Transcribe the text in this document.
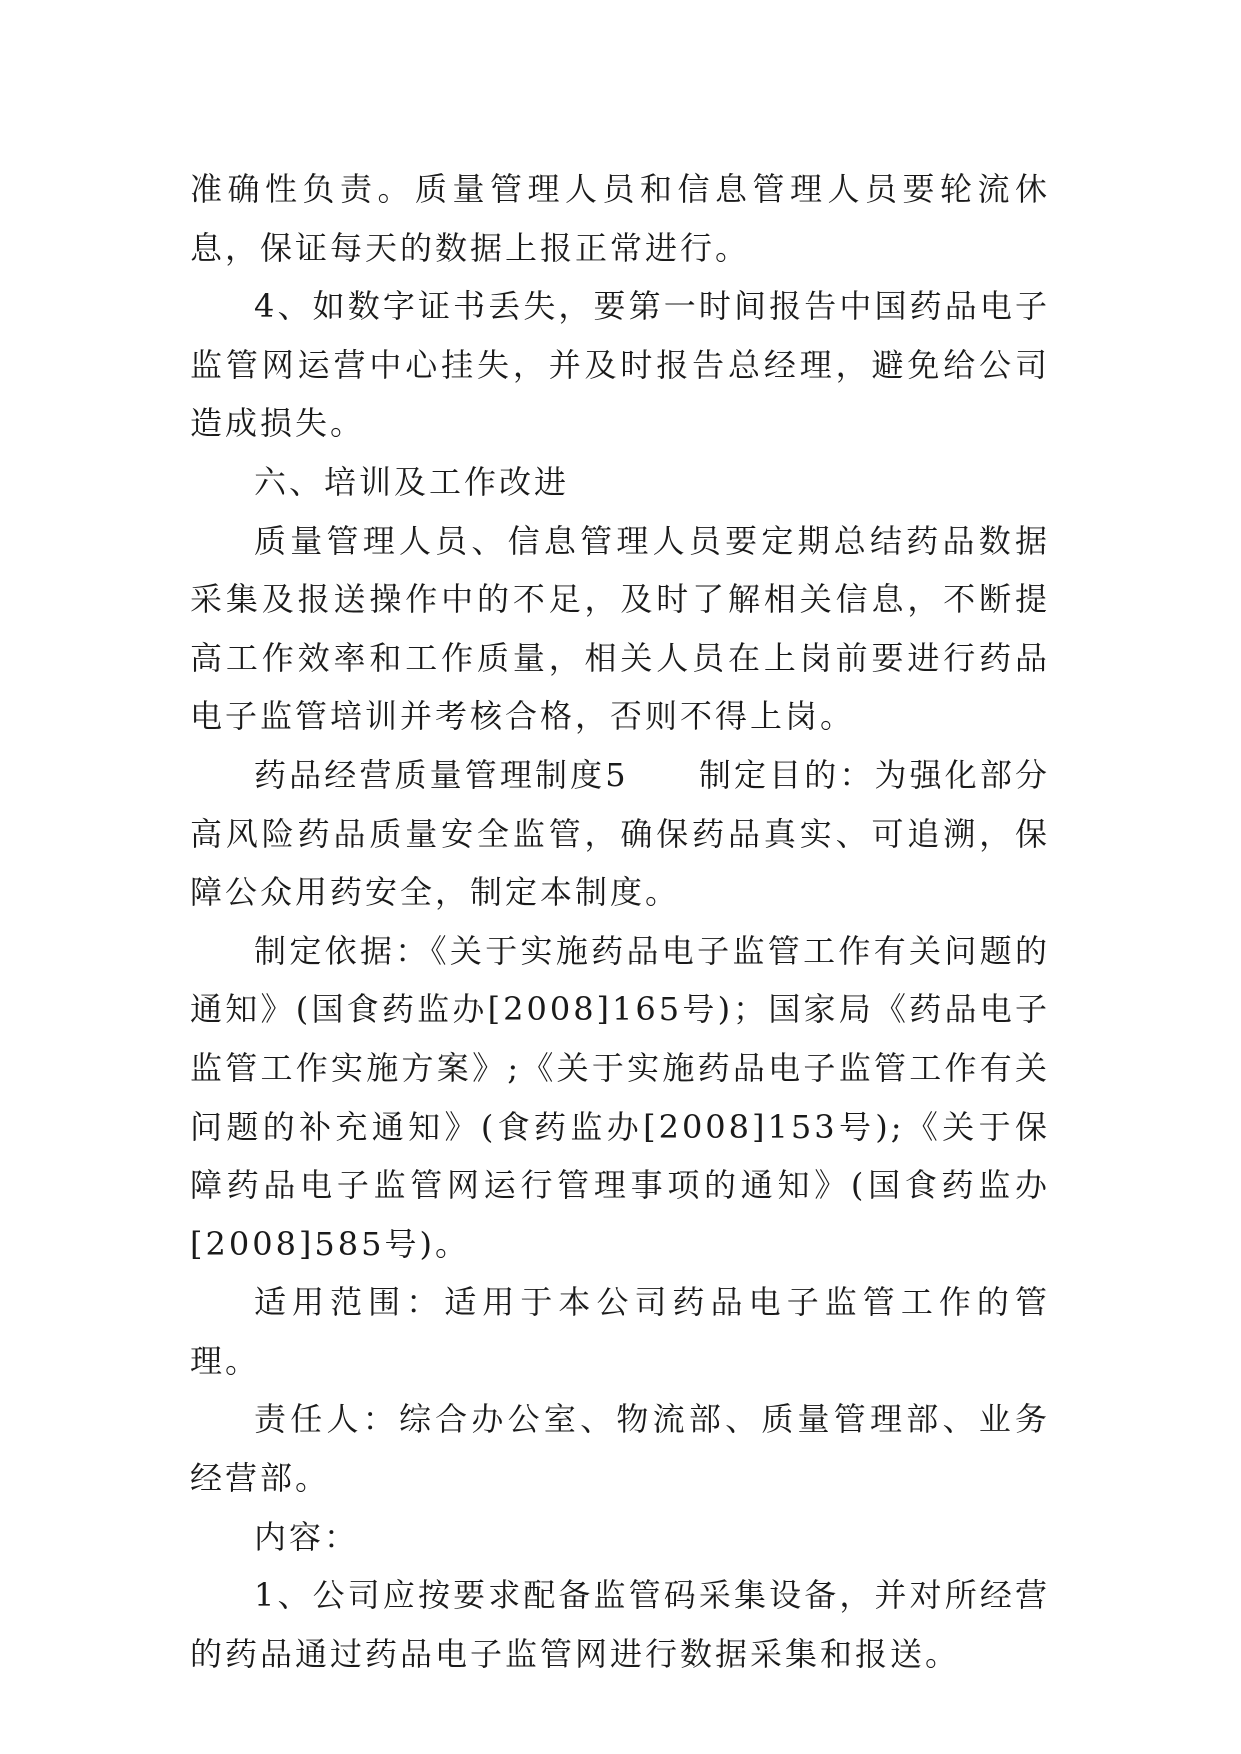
准确性负责。质量管理人员和信息管理人员要轮流休息，保证每天的数据上报正常进行。

4、如数字证书丢失，要第一时间报告中国药品电子监管网运营中心挂失，并及时报告总经理，避免给公司造成损失。

六、培训及工作改进

质量管理人员、信息管理人员要定期总结药品数据采集及报送操作中的不足，及时了解相关信息，不断提高工作效率和工作质量，相关人员在上岗前要进行药品电子监管培训并考核合格，否则不得上岗。

药品经营质量管理制度5　　制定目的：为强化部分高风险药品质量安全监管，确保药品真实、可追溯，保障公众用药安全，制定本制度。

制定依据：《关于实施药品电子监管工作有关问题的通知》(国食药监办[2008]165号)；国家局《药品电子监管工作实施方案》;《关于实施药品电子监管工作有关问题的补充通知》(食药监办[2008]153号);《关于保障药品电子监管网运行管理事项的通知》(国食药监办[2008]585号)。

适用范围：适用于本公司药品电子监管工作的管理。

责任人：综合办公室、物流部、质量管理部、业务经营部。

内容：

1、公司应按要求配备监管码采集设备，并对所经营的药品通过药品电子监管网进行数据采集和报送。
